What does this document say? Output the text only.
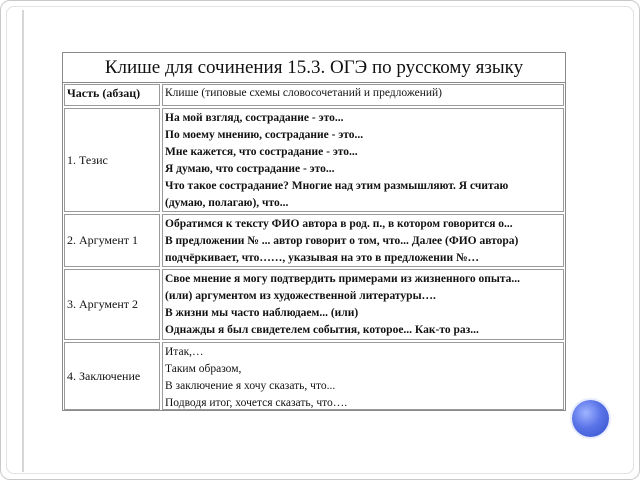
Клише для сочинения 15.3. ОГЭ по русскому языку
Часть (абзац)	Клише (типовые схемы словосочетаний и предложений)
1. Тезис
На мой взгляд, сострадание - это...
По моему мнению, сострадание - это...
Мне кажется, что сострадание - это...
Я думаю, что сострадание - это...
Что такое сострадание? Многие над этим размышляют. Я считаю
(думаю, полагаю), что...
2. Аргумент 1
Обратимся к тексту ФИО автора в род. п., в котором говорится о...
В предложении № ... автор говорит о том, что... Далее (ФИО автора)
подчёркивает, что……, указывая на это в предложении №…
3. Аргумент 2
Свое мнение я могу подтвердить примерами из жизненного опыта...
(или) аргументом из художественной литературы….
В жизни мы часто наблюдаем... (или)
Однажды я был свидетелем события, которое... Как-то раз...
4. Заключение
Итак,…
Таким образом,
В заключение я хочу сказать, что...
Подводя итог, хочется сказать, что….
